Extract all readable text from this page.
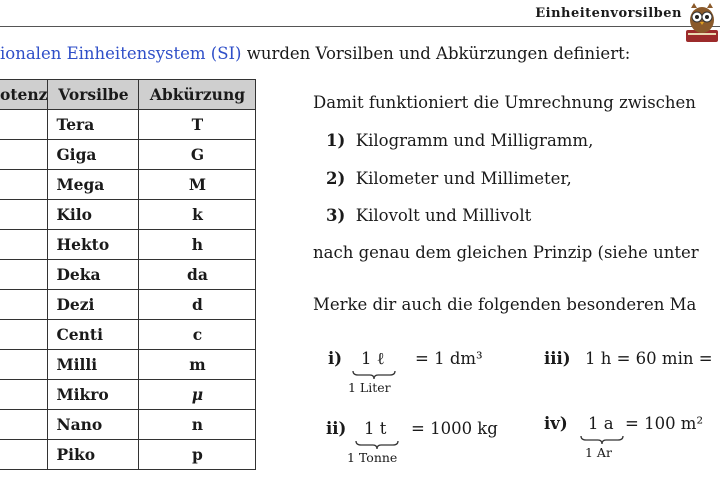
Einheitenvorsilben
ionalen Einheitensystem (SI) wurden Vorsilben und Abkürzungen definiert:
otenz	Vorsilbe	Abkürzung
	Tera	T
	Giga	G
	Mega	M
	Kilo	k
	Hekto	h
	Deka	da
	Dezi	d
	Centi	c
	Milli	m
	Mikro	μ
	Nano	n
	Piko	p
Damit funktioniert die Umrechnung zwischen
1) Kilogramm und Milligramm,
2) Kilometer und Millimeter,
3) Kilovolt und Millivolt
nach genau dem gleichen Prinzip (siehe unter
Merke dir auch die folgenden besonderen Ma
i) 1 ℓ
1 Liter
= 1 dm³	iii) 1 h = 60 min =
ii) 1 t
1 Tonne
= 1000 kg	iv) 1 a
1 Ar
= 100 m²
